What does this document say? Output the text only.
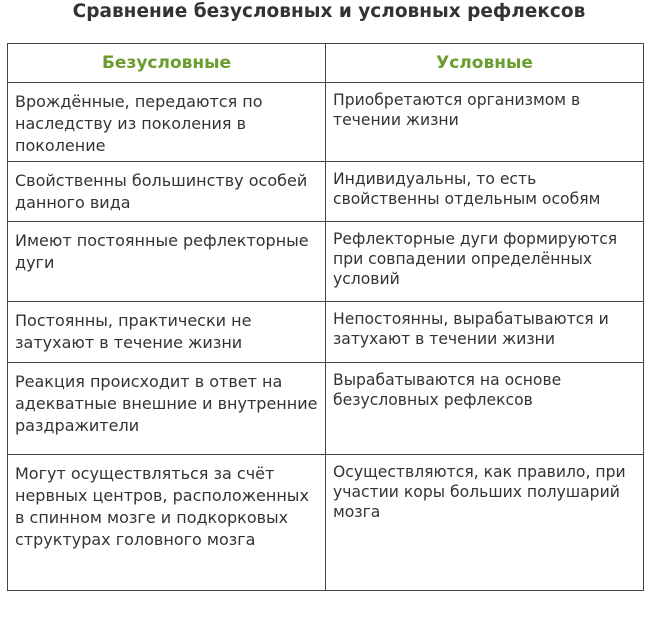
Сравнение безусловных и условных рефлексов
Безусловные	Условные
Врождённые, передаются по наследству из поколения в поколение	Приобретаются организмом в течении жизни
Свойственны большинству особей данного вида	Индивидуальны, то есть свойственны отдельным особям
Имеют постоянные рефлекторные дуги	Рефлекторные дуги формируются при совпадении определённых условий
Постоянны, практически не затухают в течение жизни	Непостоянны, вырабатываются и затухают в течении жизни
Реакция происходит в ответ на адекватные внешние и внутренние раздражители	Вырабатываются на основе безусловных рефлексов
Могут осуществляться за счёт нервных центров, расположенных в спинном мозге и подкорковых структурах головного мозга	Осуществляются, как правило, при участии коры больших полушарий мозга
